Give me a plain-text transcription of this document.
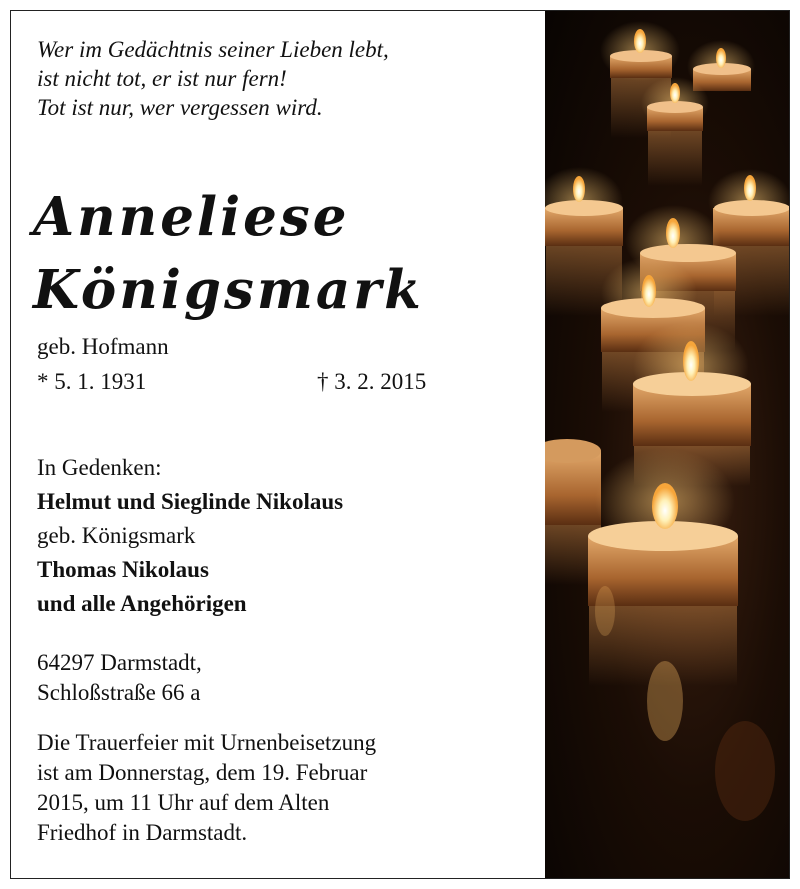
Wer im Gedächtnis seiner Lieben lebt,
ist nicht tot, er ist nur fern!
Tot ist nur, wer vergessen wird.
Anneliese
Königsmark
geb. Hofmann
* 5. 1. 1931	† 3. 2. 2015
In Gedenken:
Helmut und Sieglinde Nikolaus
geb. Königsmark
Thomas Nikolaus
und alle Angehörigen
64297 Darmstadt,
Schloßstraße 66 a
Die Trauerfeier mit Urnenbeisetzung
ist am Donnerstag, dem 19. Februar
2015, um 11 Uhr auf dem Alten
Friedhof in Darmstadt.
